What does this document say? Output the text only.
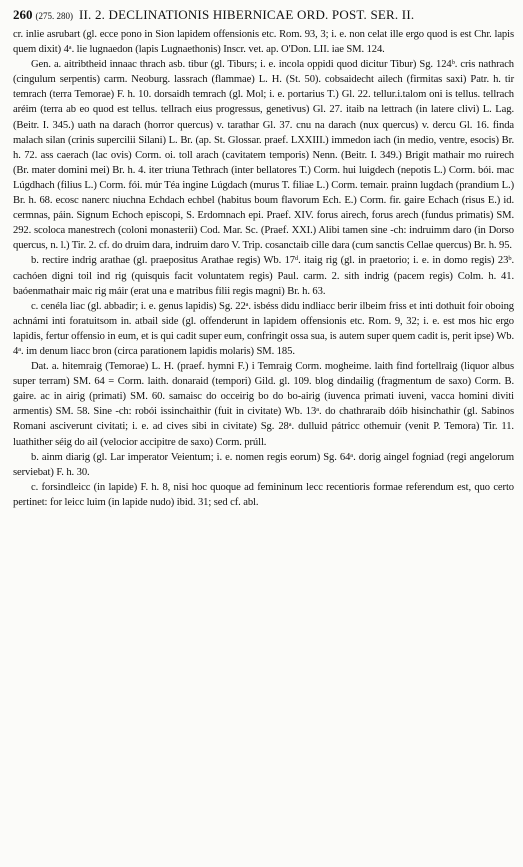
260 (275. 280) II. 2. DECLINATIONIS HIBERNICAE ORD. POST. SER. II.

cr. inlie asrubart (gl. ecce pono in Sion lapidem offensionis etc. Rom. 93, 3; i. e. non celat ille ergo quod is est Chr. lapis quem dixit) 4ᵃ. lie lugnaedon (lapis Lugnaethonis) Inscr. vet. ap. O'Don. LII. iae SM. 124.

Gen. a. aitribtheid innaac thrach asb. tibur (gl. Tiburs; i. e. incola oppidi quod dicitur Tibur) Sg. 124ᵇ. cris nathrach (cingulum serpentis) carm. Neoburg. lassrach (flammae) L. H. (St. 50). cobsaidecht ailech (firmitas saxi) Patr. h. tir temrach (terra Temorae) F. h. 10. dorsaidh temrach (gl. Mol; i. e. portarius T.) Gl. 22. tellur.i.talom oni is tellus. tellrach aréim (terra ab eo quod est tellus. tellrach eius progressus, genetivus) Gl. 27. itaib na lettrach (in latere clivi) L. Lag. (Beitr. I. 345.) uath na darach (horror quercus) v. tarathar Gl. 37. cnu na darach (nux quercus) v. dercu Gl. 16. finda malach silan (crinis supercilii Silani) L. Br. (ap. St. Glossar. praef. LXXIII.) immedon iach (in medio, ventre, esocis) Br. h. 72. ass caerach (lac ovis) Corm. oi. toll arach (cavitatem temporis) Nenn. (Beitr. I. 349.) Brigit mathair mo ruirech (Br. mater domini mei) Br. h. 4. iter triuna Tethrach (inter bellatores T.) Corm. hui luigdech (nepotis L.) Corm. bói. mac Lúgdhach (filius L.) Corm. fói. múr Téa ingine Lúgdach (murus T. filiae L.) Corm. temair. prainn lugdach (prandium L.) Br. h. 68. ecosc nanerc niuchna Echdach echbel (habitus boum flavorum Ech. E.) Corm. fir. gaire Echach (risus E.) id. cermnas, páin. Signum Echoch episcopi, S. Erdomnach epi. Praef. XIV. forus airech, forus arech (fundus primatis) SM. 292. scoloca manestrech (coloni monasterii) Cod. Mar. Sc. (Praef. XXI.) Alibi tamen sine -ch: indruimm daro (in Dorso quercus, n. l.) Tir. 2. cf. do druim dara, indruim daro V. Trip. cosanctaib cille dara (cum sanctis Cellae quercus) Br. h. 95.

b. rectire indrig arathae (gl. praepositus Arathae regis) Wb. 17ᵈ. itaig rig (gl. in praetorio; i. e. in domo regis) 23ᵇ. cachóen digni toil ind rig (quisquis facit voluntatem regis) Paul. carm. 2. sith indrig (pacem regis) Colm. h. 41. baóenmathair maic rig máir (erat una e matribus filii regis magni) Br. h. 63.

c. cenéla liac (gl. abbadir; i. e. genus lapidis) Sg. 22ᵃ. isbéss didu indliacc berir ilbeim friss et inti dothuit foir oboing achnámi inti foratuitsom in. atbail side (gl. offenderunt in lapidem offensionis etc. Rom. 9, 32; i. e. est mos hic ergo lapidis, fertur offensio in eum, et is qui cadit super eum, confringit ossa sua, is autem super quem cadit is, perit ipse) Wb. 4ᵃ. im denum liacc bron (circa parationem lapidis molaris) SM. 185.

Dat. a. hitemraig (Temorae) L. H. (praef. hymni F.) i Temraig Corm. mogheime. laith find fortellraig (liquor albus super terram) SM. 64 = Corm. laith. donaraid (tempori) Gild. gl. 109. blog dindailig (fragmentum de saxo) Corm. B. gaire. ac in airig (primati) SM. 60. samaisc do occeirig bo do bo-airig (iuvenca primati iuveni, vacca homini diviti armentis) SM. 58. Sine -ch: robói issinchaithir (fuit in civitate) Wb. 13ᵃ. do chathraraib dóib hisinchathir (gl. Sabinos Romani asciverunt civitati; i. e. ad cives sibi in civitate) Sg. 28ᵃ. dulluid pátricc othemuir (venit P. Temora) Tir. 11. luathither séig do ail (velocior accipitre de saxo) Corm. prúll.

b. ainm diarig (gl. Lar imperator Veientum; i. e. nomen regis eorum) Sg. 64ᵃ. dorig aingel fogniad (regi angelorum serviebat) F. h. 30.

c. forsindleicc (in lapide) F. h. 8, nisi hoc quoque ad femininum lecc recentioris formae referendum est, quo certo pertinet: for leicc luim (in lapide nudo) ibid. 31; sed cf. abl.
